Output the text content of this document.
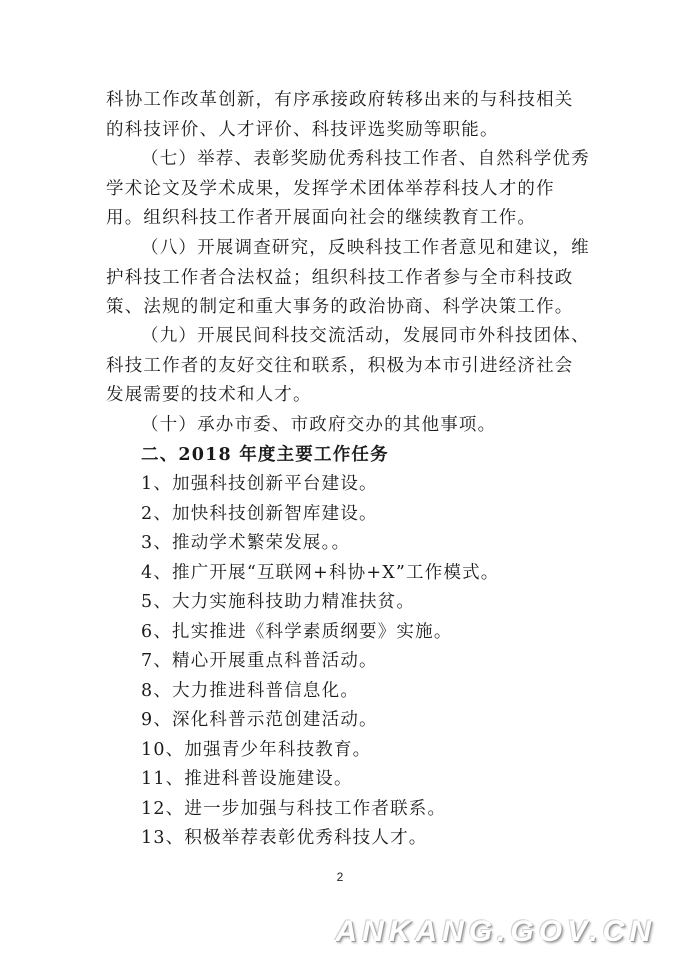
科协工作改革创新，有序承接政府转移出来的与科技相关
的科技评价、人才评价、科技评选奖励等职能。

（七）举荐、表彰奖励优秀科技工作者、自然科学优秀
学术论文及学术成果，发挥学术团体举荐科技人才的作
用。组织科技工作者开展面向社会的继续教育工作。

（八）开展调查研究，反映科技工作者意见和建议，维
护科技工作者合法权益；组织科技工作者参与全市科技政
策、法规的制定和重大事务的政治协商、科学决策工作。

（九）开展民间科技交流活动，发展同市外科技团体、
科技工作者的友好交往和联系，积极为本市引进经济社会
发展需要的技术和人才。

（十）承办市委、市政府交办的其他事项。

二、2018 年度主要工作任务

1、加强科技创新平台建设。

2、加快科技创新智库建设。

3、推动学术繁荣发展。。

4、推广开展“互联网+科协+X”工作模式。

5、大力实施科技助力精准扶贫。

6、扎实推进《科学素质纲要》实施。

7、精心开展重点科普活动。

8、大力推进科普信息化。

9、深化科普示范创建活动。

10、加强青少年科技教育。

11、推进科普设施建设。

12、进一步加强与科技工作者联系。

13、积极举荐表彰优秀科技人才。

2
ANKANG.GOV.CN
